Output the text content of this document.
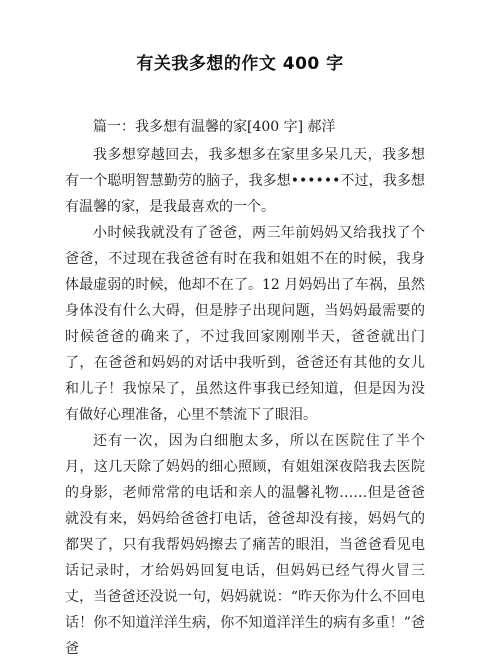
有关我多想的作文 400 字

篇一：我多想有温馨的家[400 字] 郝洋

我多想穿越回去，我多想多在家里多呆几天，我多想有一个聪明智慧勤劳的脑子，我多想••••••不过，我多想有温馨的家，是我最喜欢的一个。

小时候我就没有了爸爸，两三年前妈妈又给我找了个爸爸，不过现在我爸爸有时在我和姐姐不在的时候，我身体最虚弱的时候，他却不在了。12 月妈妈出了车祸，虽然身体没有什么大碍，但是脖子出现问题，当妈妈最需要的时候爸爸的确来了，不过我回家刚刚半天，爸爸就出门了，在爸爸和妈妈的对话中我听到，爸爸还有其他的女儿和儿子！我惊呆了，虽然这件事我已经知道，但是因为没有做好心理准备，心里不禁流下了眼泪。

还有一次，因为白细胞太多，所以在医院住了半个月，这几天除了妈妈的细心照顾，有姐姐深夜陪我去医院的身影，老师常常的电话和亲人的温馨礼物……但是爸爸就没有来，妈妈给爸爸打电话，爸爸却没有接，妈妈气的都哭了，只有我帮妈妈擦去了痛苦的眼泪，当爸爸看见电话记录时，才给妈妈回复电话，但妈妈已经气得火冒三丈，当爸爸还没说一句，妈妈就说：“昨天你为什么不回电话！你不知道洋洋生病，你不知道洋洋生的病有多重！”爸爸
